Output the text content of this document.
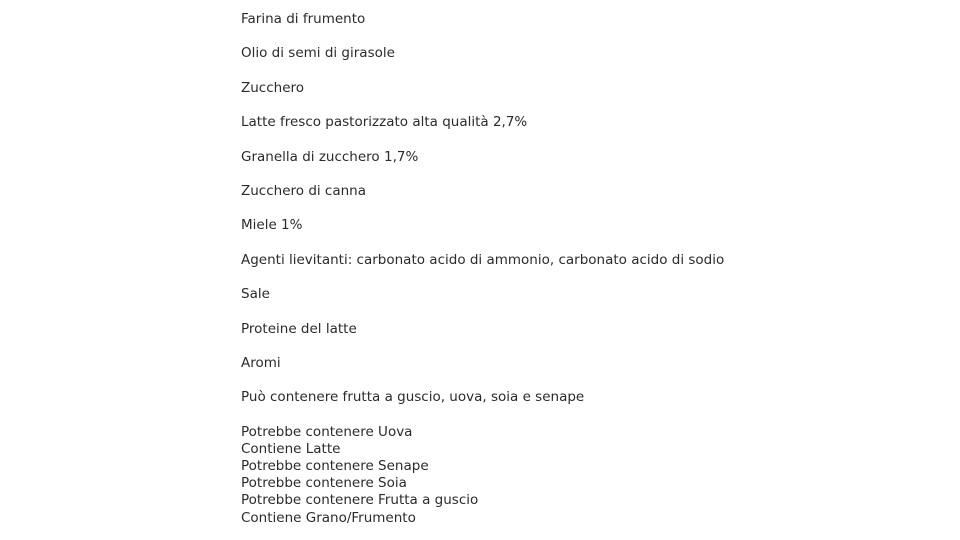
Farina di frumento
Olio di semi di girasole
Zucchero
Latte fresco pastorizzato alta qualità 2,7%
Granella di zucchero 1,7%
Zucchero di canna
Miele 1%
Agenti lievitanti: carbonato acido di ammonio, carbonato acido di sodio
Sale
Proteine del latte
Aromi
Può contenere frutta a guscio, uova, soia e senape
Potrebbe contenere Uova
Contiene Latte
Potrebbe contenere Senape
Potrebbe contenere Soia
Potrebbe contenere Frutta a guscio
Contiene Grano/Frumento
